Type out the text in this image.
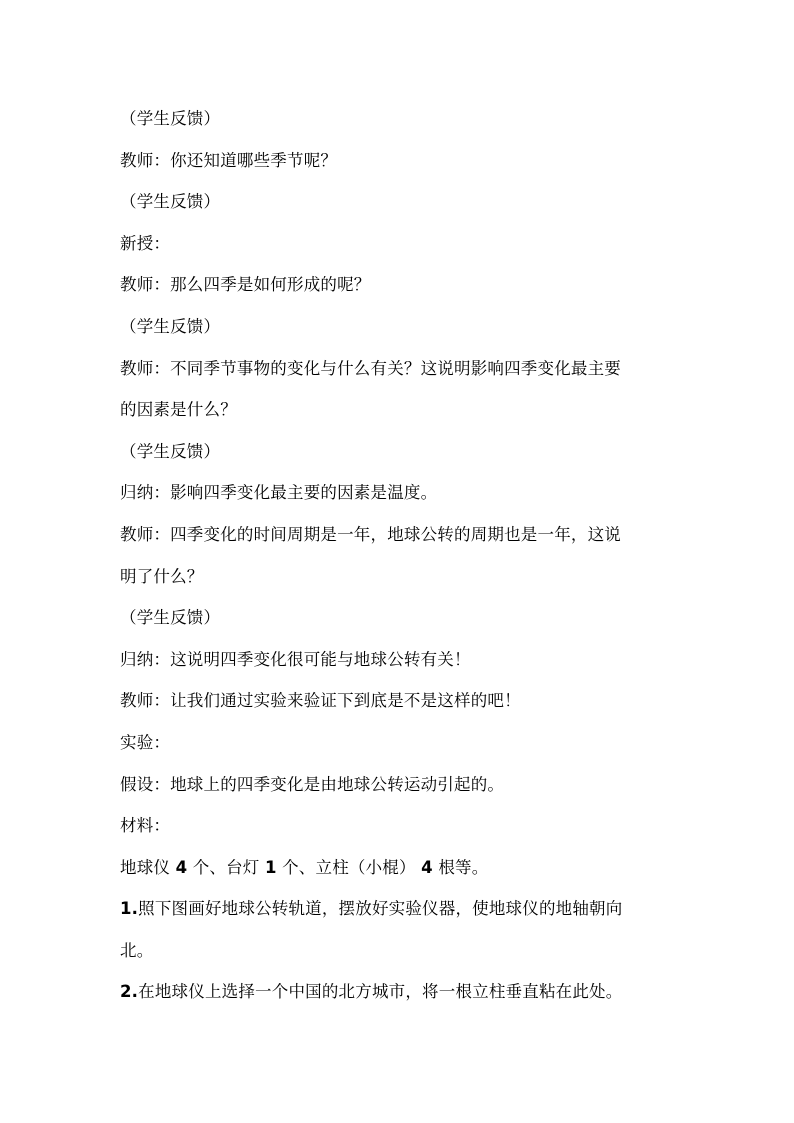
（学生反馈）
教师：你还知道哪些季节呢？
（学生反馈）
新授：
教师：那么四季是如何形成的呢？
（学生反馈）
教师：不同季节事物的变化与什么有关？这说明影响四季变化最主要
的因素是什么？
（学生反馈）
归纳：影响四季变化最主要的因素是温度。
教师：四季变化的时间周期是一年，地球公转的周期也是一年，这说
明了什么？
（学生反馈）
归纳：这说明四季变化很可能与地球公转有关！
教师：让我们通过实验来验证下到底是不是这样的吧！
实验：
假设：地球上的四季变化是由地球公转运动引起的。
材料：
地球仪 4 个、台灯 1 个、立柱（小棍） 4 根等。
1.照下图画好地球公转轨道，摆放好实验仪器，使地球仪的地轴朝向
北。
2.在地球仪上选择一个中国的北方城市，将一根立柱垂直粘在此处。
